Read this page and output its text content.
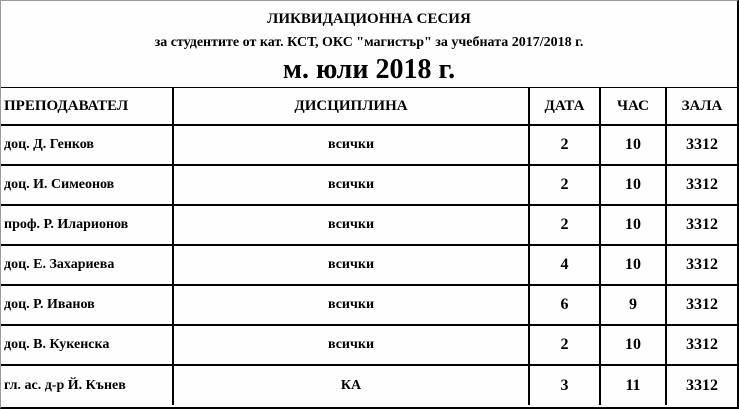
ЛИКВИДАЦИОННА СЕСИЯ
за студентите от кат. КСТ, ОКС "магистър" за учебната 2017/2018 г.
м. юли 2018 г.
ПРЕПОДАВАТЕЛ	ДИСЦИПЛИНА	ДАТА	ЧАС	ЗАЛА
доц. Д. Генков	всички	2	10	3312
доц. И. Симеонов	всички	2	10	3312
проф. Р. Иларионов	всички	2	10	3312
доц. Е. Захариева	всички	4	10	3312
доц. Р. Иванов	всички	6	9	3312
доц. В. Кукенска	всички	2	10	3312
гл. ас. д-р Й. Кънев	КА	3	11	3312
